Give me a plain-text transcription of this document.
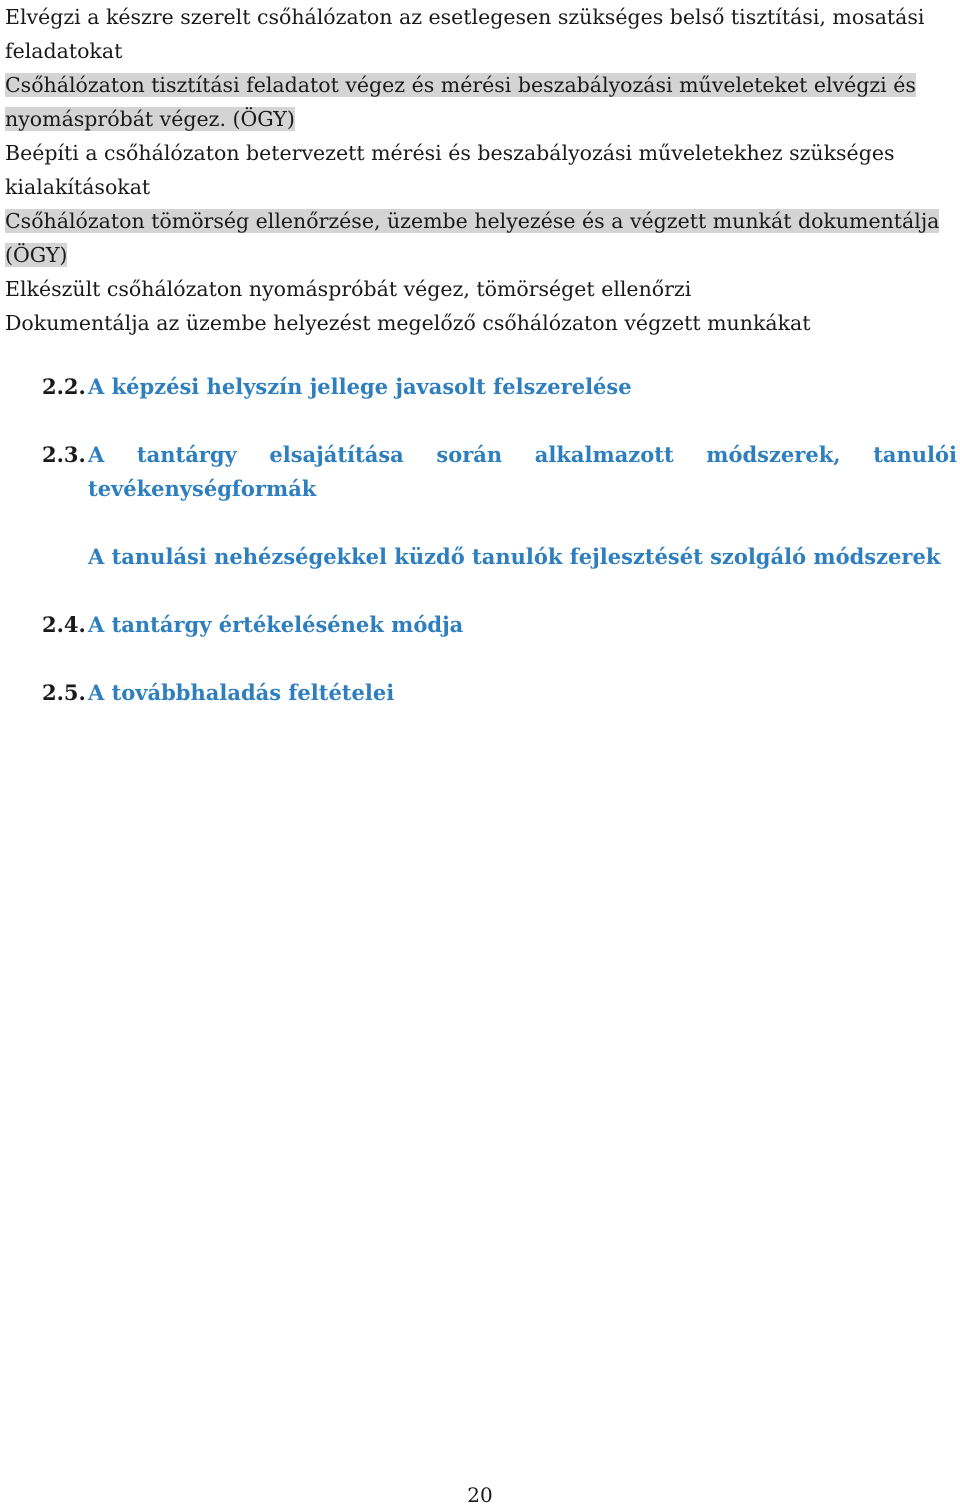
Elvégzi a készre szerelt csőhálózaton az esetlegesen szükséges belső tisztítási, mosatási feladatokat

Csőhálózaton tisztítási feladatot végez és mérési beszabályozási műveleteket elvégzi és nyomáspróbát végez. (ÖGY)

Beépíti a csőhálózaton betervezett mérési és beszabályozási műveletekhez szükséges kialakításokat

Csőhálózaton tömörség ellenőrzése, üzembe helyezése és a végzett munkát dokumentálja (ÖGY)

Elkészült csőhálózaton nyomáspróbát végez, tömörséget ellenőrzi

Dokumentálja az üzembe helyezést megelőző csőhálózaton végzett munkákat

2.2. A képzési helyszín jellege javasolt felszerelése
2.3. A tantárgy elsajátítása során alkalmazott módszerek, tanulói tevékenységformák
A tanulási nehézségekkel küzdő tanulók fejlesztését szolgáló módszerek
2.4. A tantárgy értékelésének módja
2.5. A továbbhaladás feltételei
20
